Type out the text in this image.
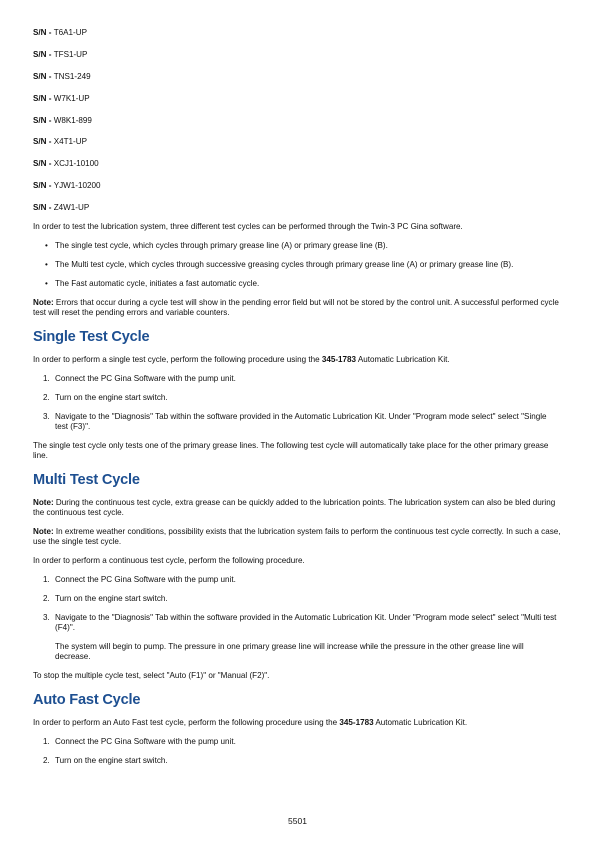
S/N - T6A1-UP
S/N - TFS1-UP
S/N - TNS1-249
S/N - W7K1-UP
S/N - W8K1-899
S/N - X4T1-UP
S/N - XCJ1-10100
S/N - YJW1-10200
S/N - Z4W1-UP

In order to test the lubrication system, three different test cycles can be performed through the Twin-3 PC Gina software.

• The single test cycle, which cycles through primary grease line (A) or primary grease line (B).
• The Multi test cycle, which cycles through successive greasing cycles through primary grease line (A) or primary grease line (B).
• The Fast automatic cycle, initiates a fast automatic cycle.

Note: Errors that occur during a cycle test will show in the pending error field but will not be stored by the control unit. A successful performed cycle test will reset the pending errors and variable counters.

Single Test Cycle

In order to perform a single test cycle, perform the following procedure using the 345-1783 Automatic Lubrication Kit.

1. Connect the PC Gina Software with the pump unit.
2. Turn on the engine start switch.
3. Navigate to the "Diagnosis" Tab within the software provided in the Automatic Lubrication Kit. Under "Program mode select" select "Single test (F3)".

The single test cycle only tests one of the primary grease lines. The following test cycle will automatically take place for the other primary grease line.

Multi Test Cycle

Note: During the continuous test cycle, extra grease can be quickly added to the lubrication points. The lubrication system can also be bled during the continuous test cycle.

Note: In extreme weather conditions, possibility exists that the lubrication system fails to perform the continuous test cycle correctly. In such a case, use the single test cycle.

In order to perform a continuous test cycle, perform the following procedure.

1. Connect the PC Gina Software with the pump unit.
2. Turn on the engine start switch.
3. Navigate to the "Diagnosis" Tab within the software provided in the Automatic Lubrication Kit. Under "Program mode select" select "Multi test (F4)".
The system will begin to pump. The pressure in one primary grease line will increase while the pressure in the other grease line will decrease.

To stop the multiple cycle test, select "Auto (F1)" or "Manual (F2)".

Auto Fast Cycle

In order to perform an Auto Fast test cycle, perform the following procedure using the 345-1783 Automatic Lubrication Kit.

1. Connect the PC Gina Software with the pump unit.
2. Turn on the engine start switch.
5501
